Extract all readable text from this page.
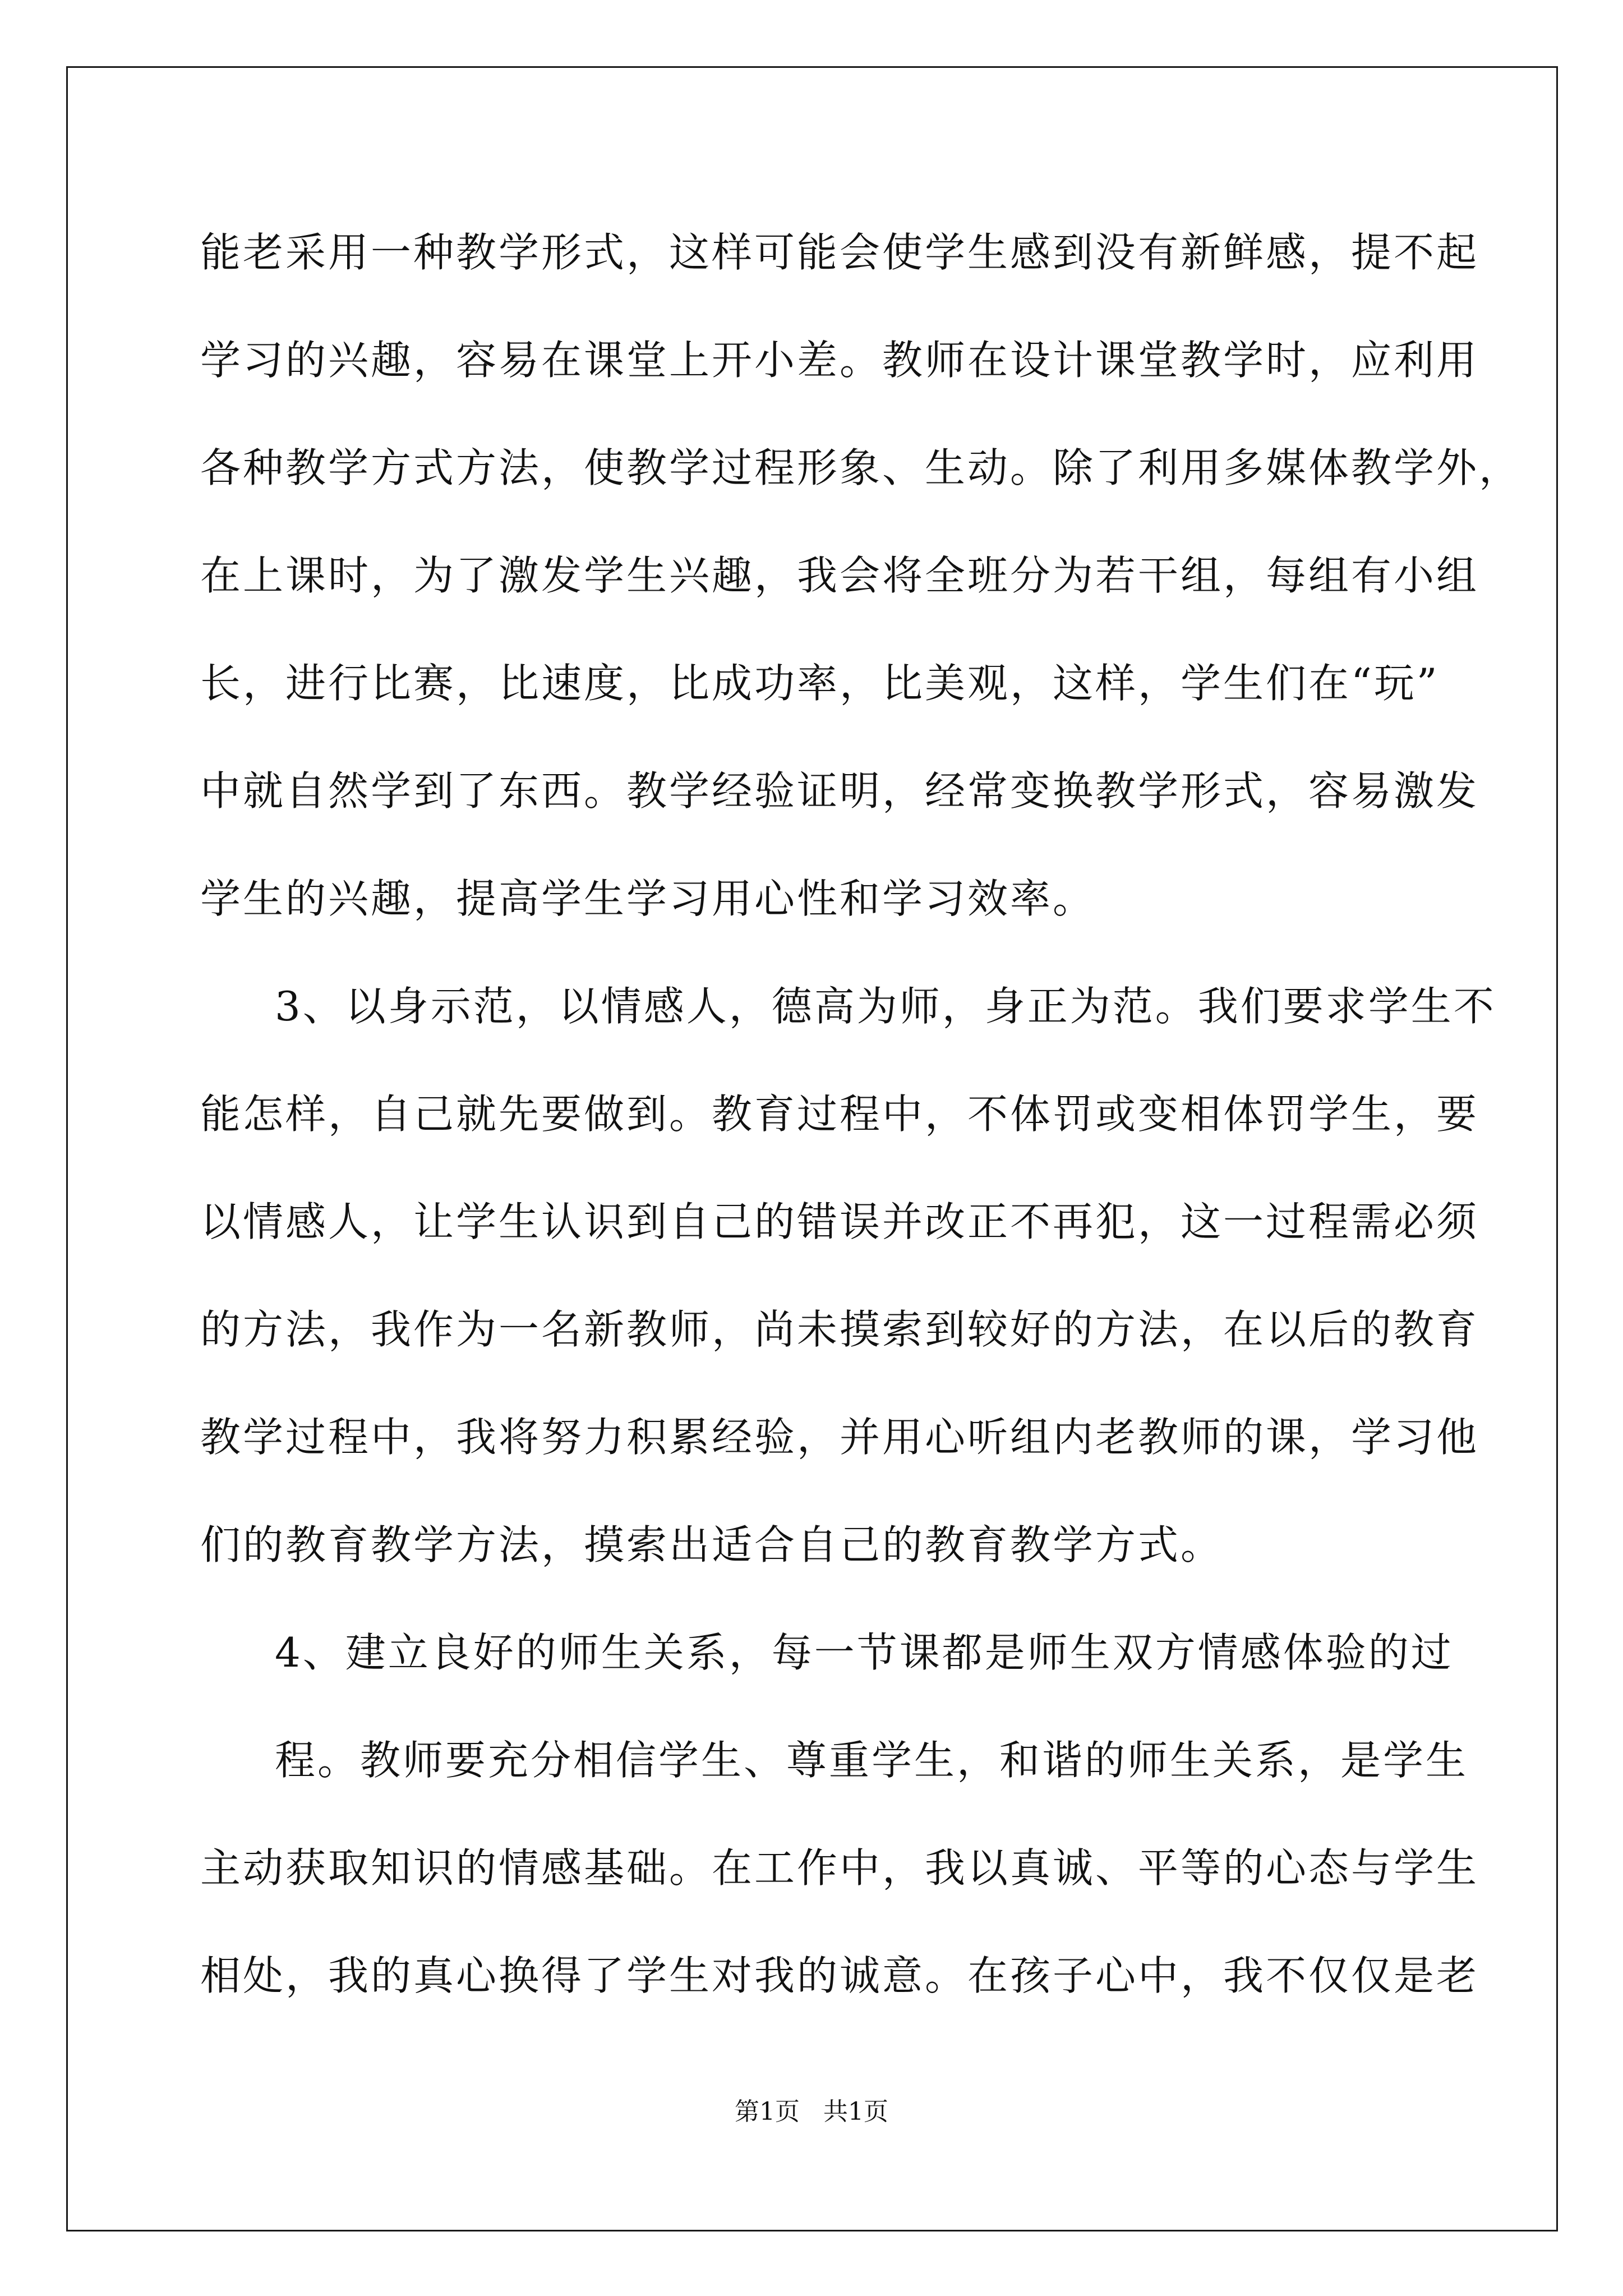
能老采用一种教学形式，这样可能会使学生感到没有新鲜感，提不起
学习的兴趣，容易在课堂上开小差。教师在设计课堂教学时，应利用
各种教学方式方法，使教学过程形象、生动。除了利用多媒体教学外，
在上课时，为了激发学生兴趣，我会将全班分为若干组，每组有小组
长，进行比赛，比速度，比成功率，比美观，这样，学生们在“玩”
中就自然学到了东西。教学经验证明，经常变换教学形式，容易激发
学生的兴趣，提高学生学习用心性和学习效率。
3、以身示范，以情感人，德高为师，身正为范。我们要求学生不
能怎样，自己就先要做到。教育过程中，不体罚或变相体罚学生，要
以情感人，让学生认识到自己的错误并改正不再犯，这一过程需必须
的方法，我作为一名新教师，尚未摸索到较好的方法，在以后的教育
教学过程中，我将努力积累经验，并用心听组内老教师的课，学习他
们的教育教学方法，摸索出适合自己的教育教学方式。
4、建立良好的师生关系，每一节课都是师生双方情感体验的过
程。教师要充分相信学生、尊重学生，和谐的师生关系，是学生
主动获取知识的情感基础。在工作中，我以真诚、平等的心态与学生
相处，我的真心换得了学生对我的诚意。在孩子心中，我不仅仅是老
第1页   共1页
